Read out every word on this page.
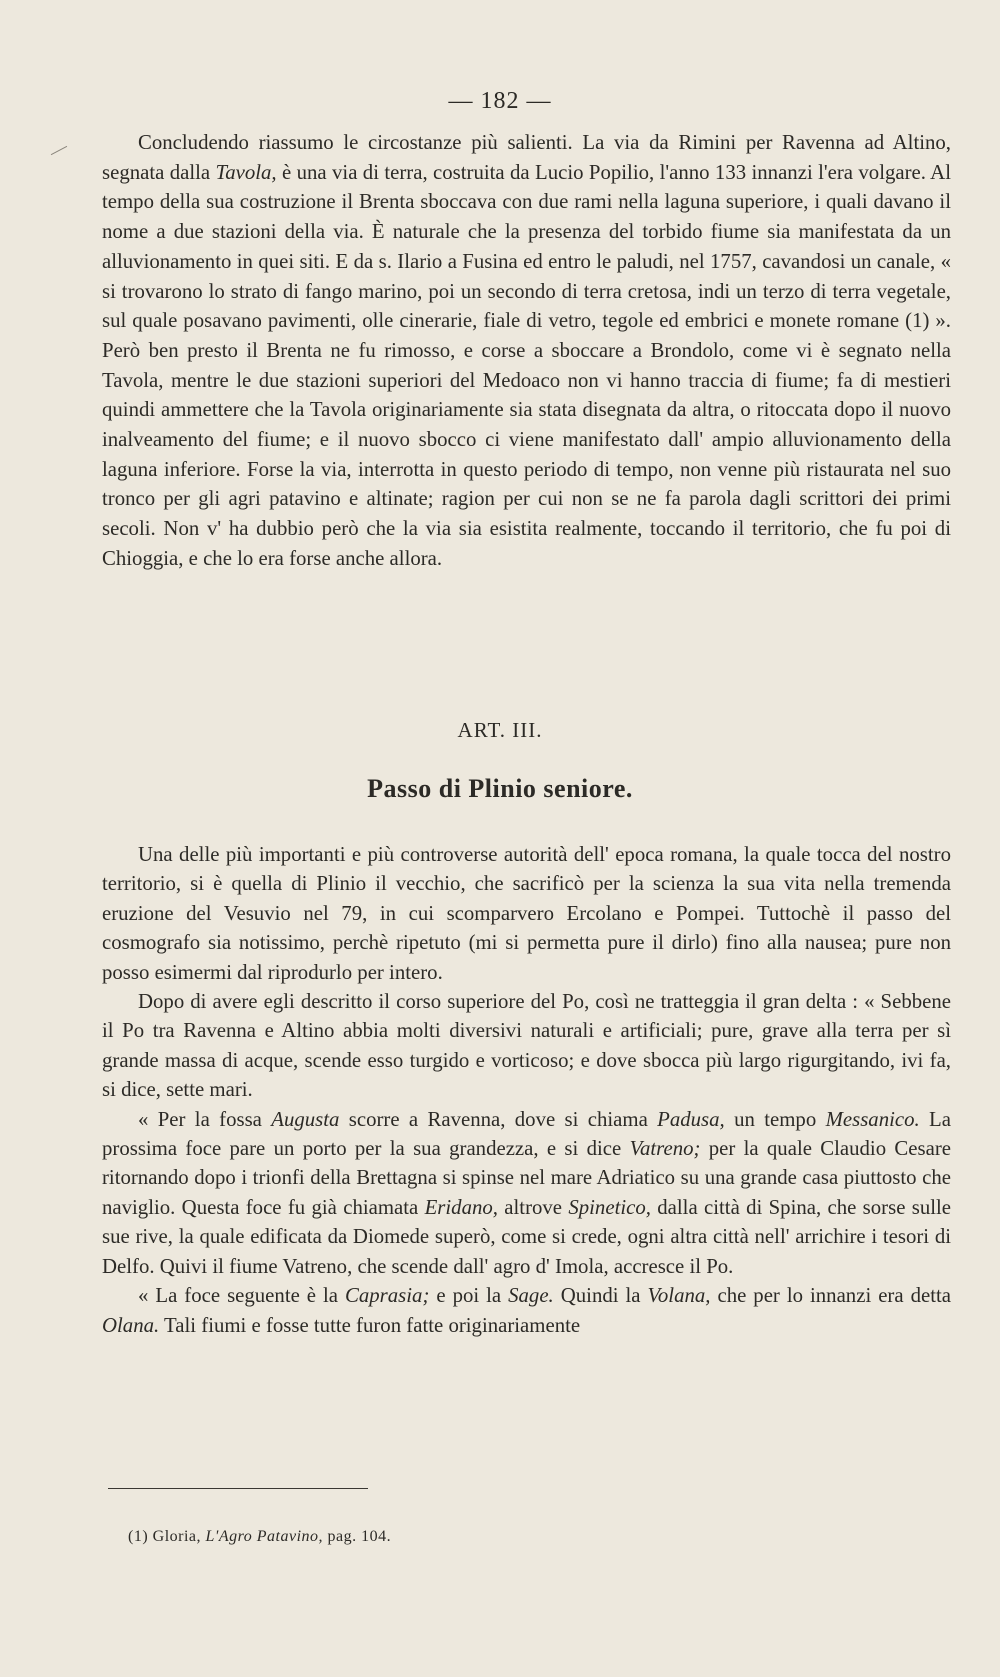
— 182 —

Concludendo riassumo le circostanze più salienti. La via da Rimini per Ravenna ad Altino, segnata dalla Tavola, è una via di terra, costruita da Lucio Popilio, l'anno 133 innanzi l'era volgare. Al tempo della sua costruzione il Brenta sboccava con due rami nella laguna superiore, i quali davano il nome a due stazioni della via. È naturale che la presenza del torbido fiume sia manifestata da un alluvionamento in quei siti. E da s. Ilario a Fusina ed entro le paludi, nel 1757, cavandosi un canale, « si trovarono lo strato di fango marino, poi un secondo di terra cretosa, indi un terzo di terra vegetale, sul quale posavano pavimenti, olle cinerarie, fiale di vetro, tegole ed embrici e monete romane (1) ». Però ben presto il Brenta ne fu rimosso, e corse a sboccare a Brondolo, come vi è segnato nella Tavola, mentre le due stazioni superiori del Medoaco non vi hanno traccia di fiume; fa di mestieri quindi ammettere che la Tavola originariamente sia stata disegnata da altra, o ritoccata dopo il nuovo inalveamento del fiume; e il nuovo sbocco ci viene manifestato dall' ampio alluvionamento della laguna inferiore. Forse la via, interrotta in questo periodo di tempo, non venne più ristaurata nel suo tronco per gli agri patavino e altinate; ragion per cui non se ne fa parola dagli scrittori dei primi secoli. Non v' ha dubbio però che la via sia esistita realmente, toccando il territorio, che fu poi di Chioggia, e che lo era forse anche allora.

ART. III.
Passo di Plinio seniore.

Una delle più importanti e più controverse autorità dell' epoca romana, la quale tocca del nostro territorio, si è quella di Plinio il vecchio, che sacrificò per la scienza la sua vita nella tremenda eruzione del Vesuvio nel 79, in cui scomparvero Ercolano e Pompei. Tuttochè il passo del cosmografo sia notissimo, perchè ripetuto (mi si permetta pure il dirlo) fino alla nausea; pure non posso esimermi dal riprodurlo per intero.

Dopo di avere egli descritto il corso superiore del Po, così ne tratteggia il gran delta : « Sebbene il Po tra Ravenna e Altino abbia molti diversivi naturali e artificiali; pure, grave alla terra per sì grande massa di acque, scende esso turgido e vorticoso; e dove sbocca più largo rigurgitando, ivi fa, si dice, sette mari.

« Per la fossa Augusta scorre a Ravenna, dove si chiama Padusa, un tempo Messanico. La prossima foce pare un porto per la sua grandezza, e si dice Vatreno; per la quale Claudio Cesare ritornando dopo i trionfi della Brettagna si spinse nel mare Adriatico su una grande casa piuttosto che naviglio. Questa foce fu già chiamata Eridano, altrove Spinetico, dalla città di Spina, che sorse sulle sue rive, la quale edificata da Diomede superò, come si crede, ogni altra città nell' arrichire i tesori di Delfo. Quivi il fiume Vatreno, che scende dall' agro d' Imola, accresce il Po.

« La foce seguente è la Caprasia; e poi la Sage. Quindi la Volana, che per lo innanzi era detta Olana. Tali fiumi e fosse tutte furon fatte originariamente

(1) Gloria, L'Agro Patavino, pag. 104.
